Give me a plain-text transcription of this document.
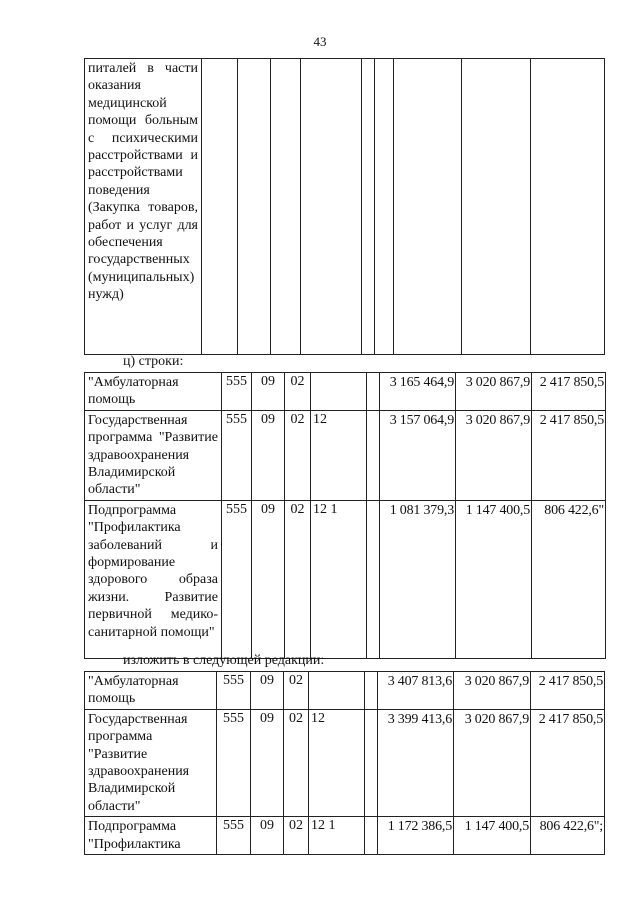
43
питалей в части оказания медицинской помощи больным с психическими расстройствами и расстройствами поведения (Закупка товаров, работ и услуг для обеспечения государственных (муниципальных) нужд)									
ц) строки:
"Амбулаторная помощь	555	09	02			3 165 464,9	3 020 867,9	2 417 850,5
Государственная программа "Развитие здравоохранения Владимирской области"	555	09	02	12		3 157 064,9	3 020 867,9	2 417 850,5
Подпрограмма "Профилактика заболеваний и формирование здорового образа жизни. Развитие первичной медико-санитарной помощи"	555	09	02	12 1		1 081 379,3	1 147 400,5	806 422,6"
изложить в следующей редакции:
"Амбулаторная помощь	555	09	02			3 407 813,6	3 020 867,9	2 417 850,5
Государственная программа "Развитие здравоохранения Владимирской области"	555	09	02	12		3 399 413,6	3 020 867,9	2 417 850,5
Подпрограмма "Профилактика	555	09	02	12 1		1 172 386,5	1 147 400,5	806 422,6";
